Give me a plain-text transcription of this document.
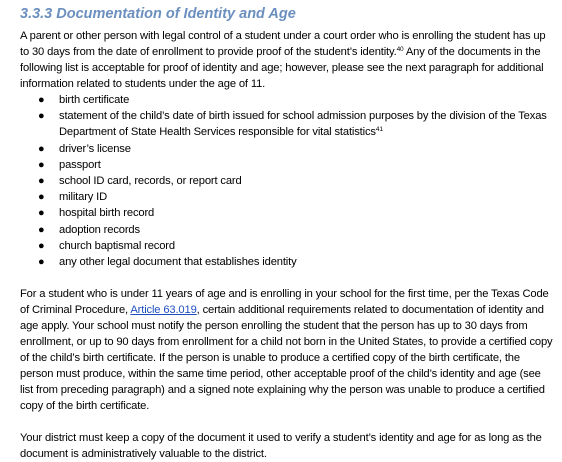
3.3.3 Documentation of Identity and Age

A parent or other person with legal control of a student under a court order who is enrolling the student has up to 30 days from the date of enrollment to provide proof of the student’s identity.$^{40}$ Any of the documents in the following list is acceptable for proof of identity and age; however, please see the next paragraph for additional information related to students under the age of 11.

● birth certificate
● statement of the child’s date of birth issued for school admission purposes by the division of the Texas Department of State Health Services responsible for vital statistics$^{41}$
● driver’s license
● passport
● school ID card, records, or report card
● military ID
● hospital birth record
● adoption records
● church baptismal record
● any other legal document that establishes identity

For a student who is under 11 years of age and is enrolling in your school for the first time, per the Texas Code of Criminal Procedure, Article 63.019, certain additional requirements related to documentation of identity and age apply. Your school must notify the person enrolling the student that the person has up to 30 days from enrollment, or up to 90 days from enrollment for a child not born in the United States, to provide a certified copy of the child’s birth certificate. If the person is unable to produce a certified copy of the birth certificate, the person must produce, within the same time period, other acceptable proof of the child’s identity and age (see list from preceding paragraph) and a signed note explaining why the person was unable to produce a certified copy of the birth certificate.

Your district must keep a copy of the document it used to verify a student’s identity and age for as long as the document is administratively valuable to the district.
